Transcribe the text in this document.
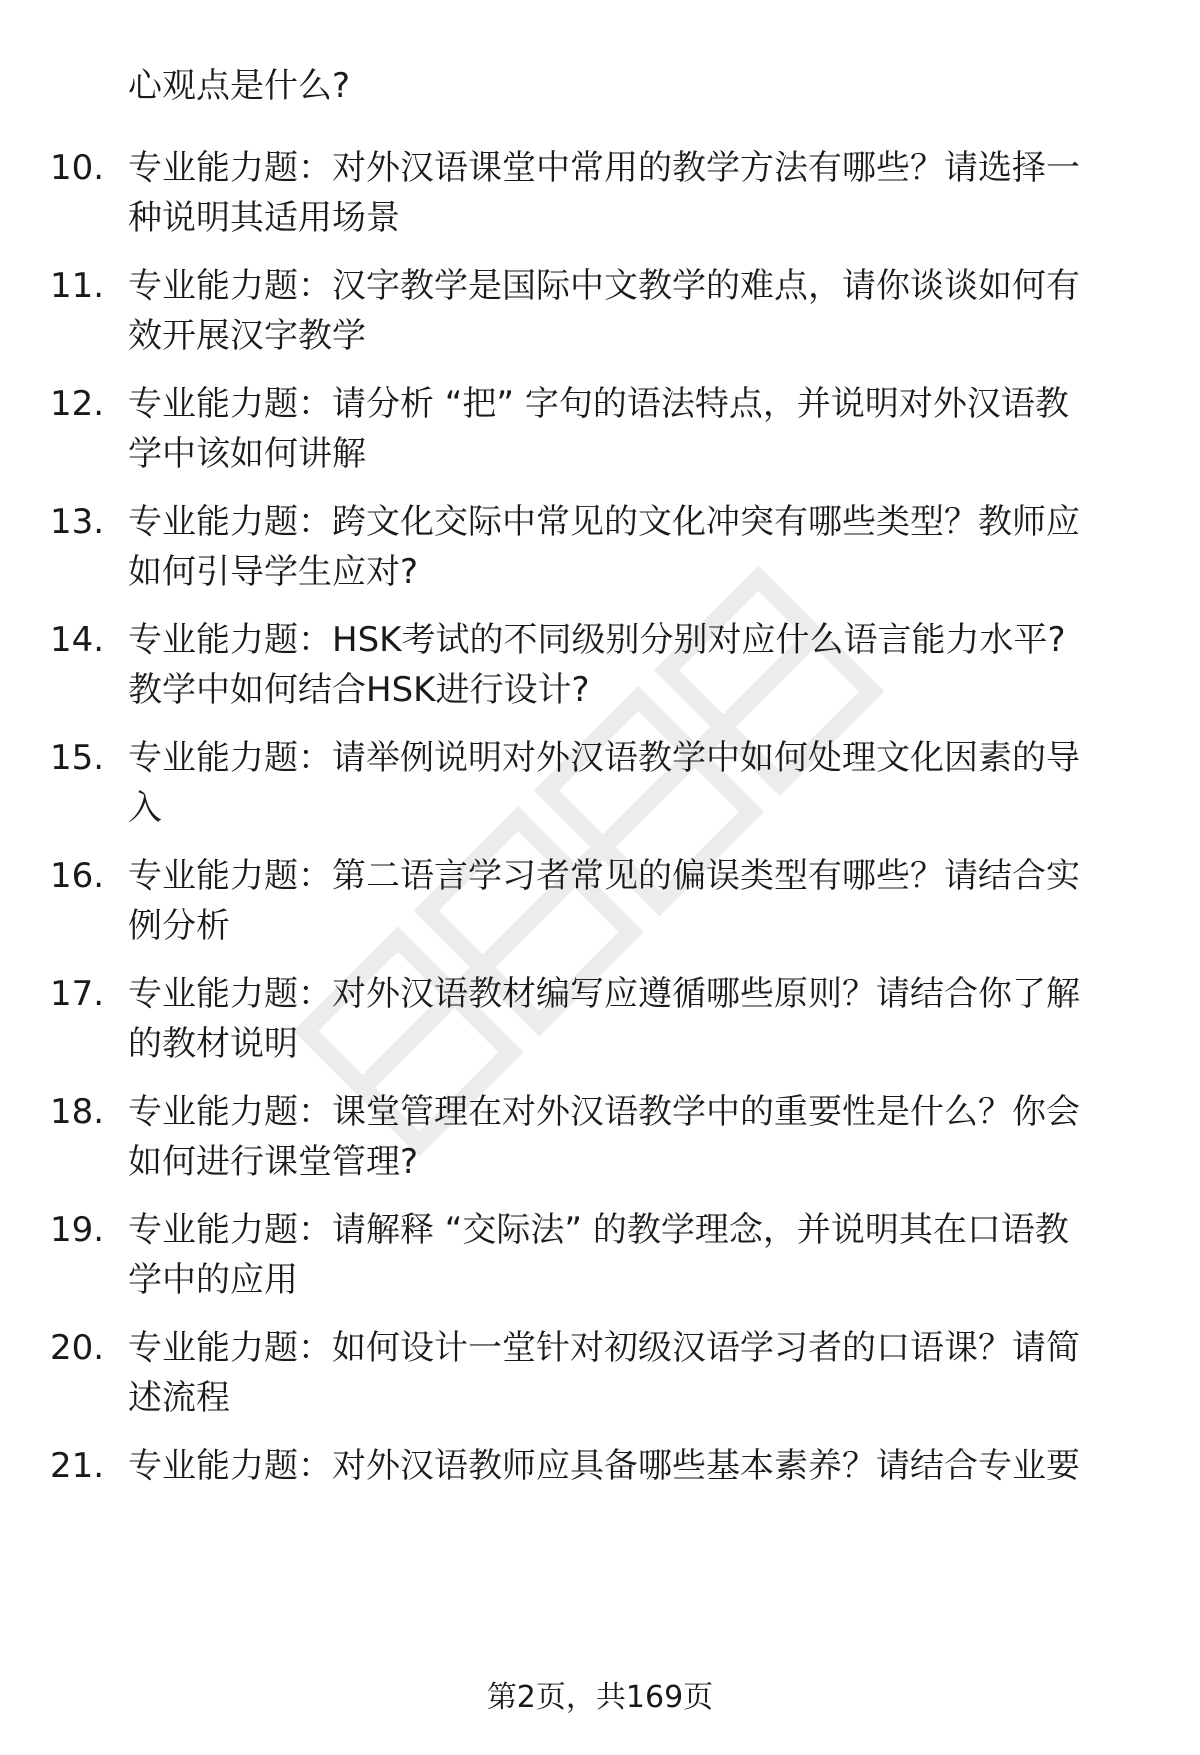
心观点是什么?
10. 专业能力题：对外汉语课堂中常用的教学方法有哪些？请选择一
种说明其适用场景
11. 专业能力题：汉字教学是国际中文教学的难点，请你谈谈如何有
效开展汉字教学
12. 专业能力题：请分析 “把” 字句的语法特点，并说明对外汉语教
学中该如何讲解
13. 专业能力题：跨文化交际中常见的文化冲突有哪些类型？教师应
如何引导学生应对?
14. 专业能力题：HSK考试的不同级别分别对应什么语言能力水平?
教学中如何结合HSK进行设计?
15. 专业能力题：请举例说明对外汉语教学中如何处理文化因素的导
入
16. 专业能力题：第二语言学习者常见的偏误类型有哪些？请结合实
例分析
17. 专业能力题：对外汉语教材编写应遵循哪些原则？请结合你了解
的教材说明
18. 专业能力题：课堂管理在对外汉语教学中的重要性是什么？你会
如何进行课堂管理?
19. 专业能力题：请解释 “交际法” 的教学理念，并说明其在口语教
学中的应用
20. 专业能力题：如何设计一堂针对初级汉语学习者的口语课？请简
述流程
21. 专业能力题：对外汉语教师应具备哪些基本素养？请结合专业要
第2页，共169页
